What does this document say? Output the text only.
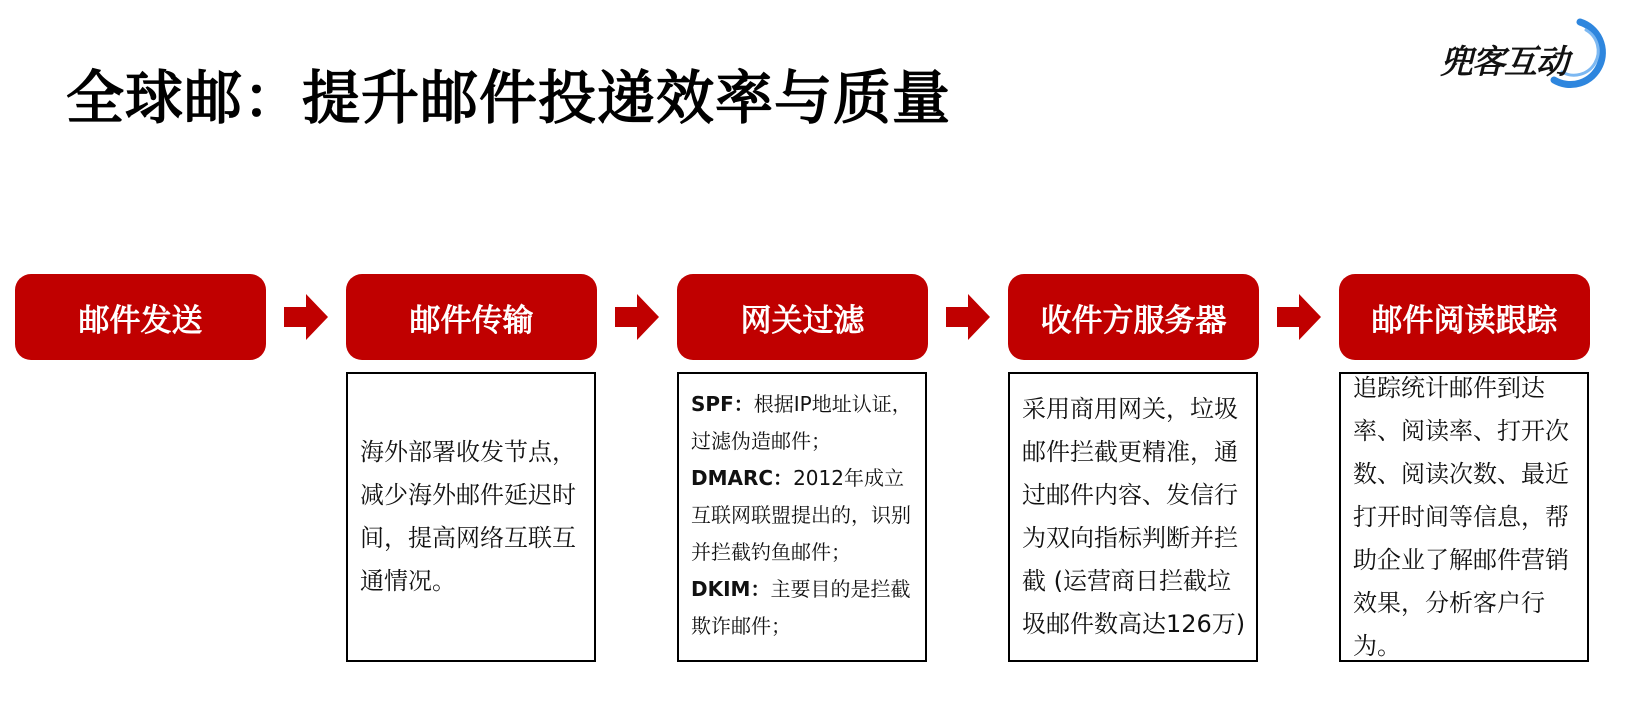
全球邮：提升邮件投递效率与质量
兜客互动
邮件发送	邮件传输	网关过滤	收件方服务器	邮件阅读跟踪
海外部署收发节点，减少海外邮件延迟时间，提高网络互联互通情况。
SPF：根据IP地址认证，过滤伪造邮件；
DMARC：2012年成立互联网联盟提出的，识别并拦截钓鱼邮件；
DKIM：主要目的是拦截欺诈邮件；
采用商用网关，垃圾邮件拦截更精准，通过邮件内容、发信行为双向指标判断并拦截 (运营商日拦截垃圾邮件数高达126万)
追踪统计邮件到达率、阅读率、打开次数、阅读次数、最近打开时间等信息，帮助企业了解邮件营销效果，分析客户行为。
